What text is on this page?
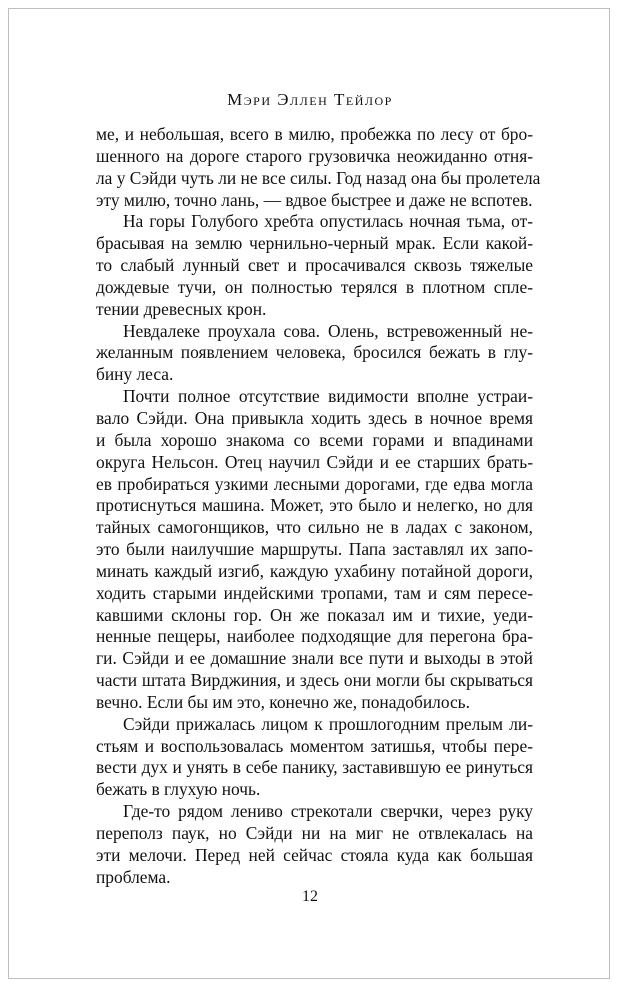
Мэри Эллен Тейлор

ме, и небольшая, всего в милю, пробежка по лесу от бро-
шенного на дороге старого грузовичка неожиданно отня-
ла у Сэйди чуть ли не все силы. Год назад она бы пролетела
эту милю, точно лань, — вдвое быстрее и даже не вспотев.

На горы Голубого хребта опустилась ночная тьма, от-
брасывая на землю чернильно-черный мрак. Если какой-
то слабый лунный свет и просачивался сквозь тяжелые
дождевые тучи, он полностью терялся в плотном спле-
тении древесных крон.

Невдалеке проухала сова. Олень, встревоженный не-
желанным появлением человека, бросился бежать в глу-
бину леса.

Почти полное отсутствие видимости вполне устраи-
вало Сэйди. Она привыкла ходить здесь в ночное время
и была хорошо знакома со всеми горами и впадинами
округа Нельсон. Отец научил Сэйди и ее старших брать-
ев пробираться узкими лесными дорогами, где едва могла
протиснуться машина. Может, это было и нелегко, но для
тайных самогонщиков, что сильно не в ладах с законом,
это были наилучшие маршруты. Папа заставлял их запо-
минать каждый изгиб, каждую ухабину потайной дороги,
ходить старыми индейскими тропами, там и сям пересе-
кавшими склоны гор. Он же показал им и тихие, уеди-
ненные пещеры, наиболее подходящие для перегона бра-
ги. Сэйди и ее домашние знали все пути и выходы в этой
части штата Вирджиния, и здесь они могли бы скрываться
вечно. Если бы им это, конечно же, понадобилось.

Сэйди прижалась лицом к прошлогодним прелым ли-
стьям и воспользовалась моментом затишья, чтобы пере-
вести дух и унять в себе панику, заставившую ее ринуться
бежать в глухую ночь.

Где-то рядом лениво стрекотали сверчки, через руку
переполз паук, но Сэйди ни на миг не отвлекалась на
эти мелочи. Перед ней сейчас стояла куда как большая
проблема.

12
